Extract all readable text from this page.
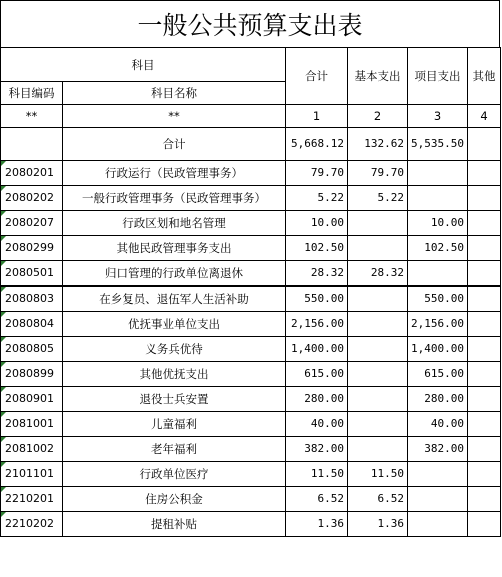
一般公共预算支出表
科目		合计	基本支出	项目支出	其他
科目编码	科目名称				
**	**	1	2	3	4
	合计	5,668.12	132.62	5,535.50	
2080201	行政运行（民政管理事务）	79.70	79.70		
2080202	一般行政管理事务（民政管理事务）	5.22	5.22		
2080207	行政区划和地名管理	10.00		10.00	
2080299	其他民政管理事务支出	102.50		102.50	
2080501	归口管理的行政单位离退休	28.32	28.32		
2080803	在乡复员、退伍军人生活补助	550.00		550.00	
2080804	优抚事业单位支出	2,156.00		2,156.00	
2080805	义务兵优待	1,400.00		1,400.00	
2080899	其他优抚支出	615.00		615.00	
2080901	退役士兵安置	280.00		280.00	
2081001	儿童福利	40.00		40.00	
2081002	老年福利	382.00		382.00	
2101101	行政单位医疗	11.50	11.50		
2210201	住房公积金	6.52	6.52		
2210202	提租补贴	1.36	1.36		
